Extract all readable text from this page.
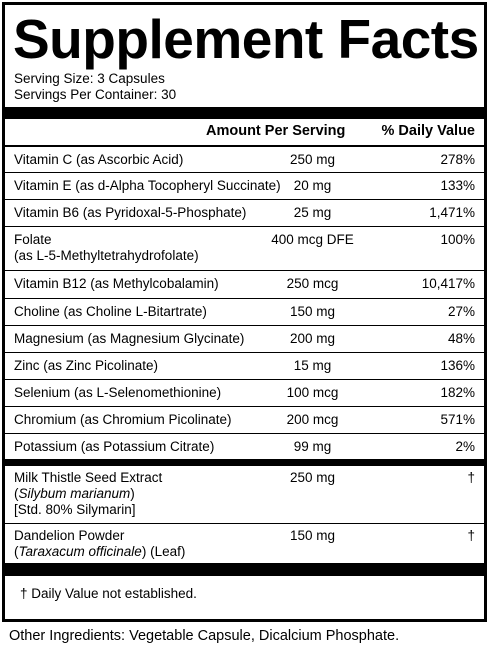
Supplement Facts
Serving Size: 3 Capsules
Servings Per Container: 30
Amount Per Serving % Daily Value
Vitamin C (as Ascorbic Acid)	250 mg	278%
Vitamin E (as d-Alpha Tocopheryl Succinate) 20 mg	133%
Vitamin B6 (as Pyridoxal-5-Phosphate)	25 mg	1,471%
Folate
(as L-5-Methyltetrahydrofolate)
400 mcg DFE	100%
Vitamin B12 (as Methylcobalamin)	250 mcg	10,417%
Choline (as Choline L-Bitartrate)	150 mg	27%
Magnesium (as Magnesium Glycinate)	200 mg	48%
Zinc (as Zinc Picolinate)	15 mg	136%
Selenium (as L-Selenomethionine)	100 mcg	182%
Chromium (as Chromium Picolinate)	200 mcg	571%
Potassium (as Potassium Citrate)	99 mg	2%
Milk Thistle Seed Extract
(Silybum marianum)
[Std. 80% Silymarin]
250 mg	†
Dandelion Powder
(Taraxacum officinale) (Leaf)
150 mg	†
† Daily Value not established.
Other Ingredients: Vegetable Capsule, Dicalcium Phosphate.
